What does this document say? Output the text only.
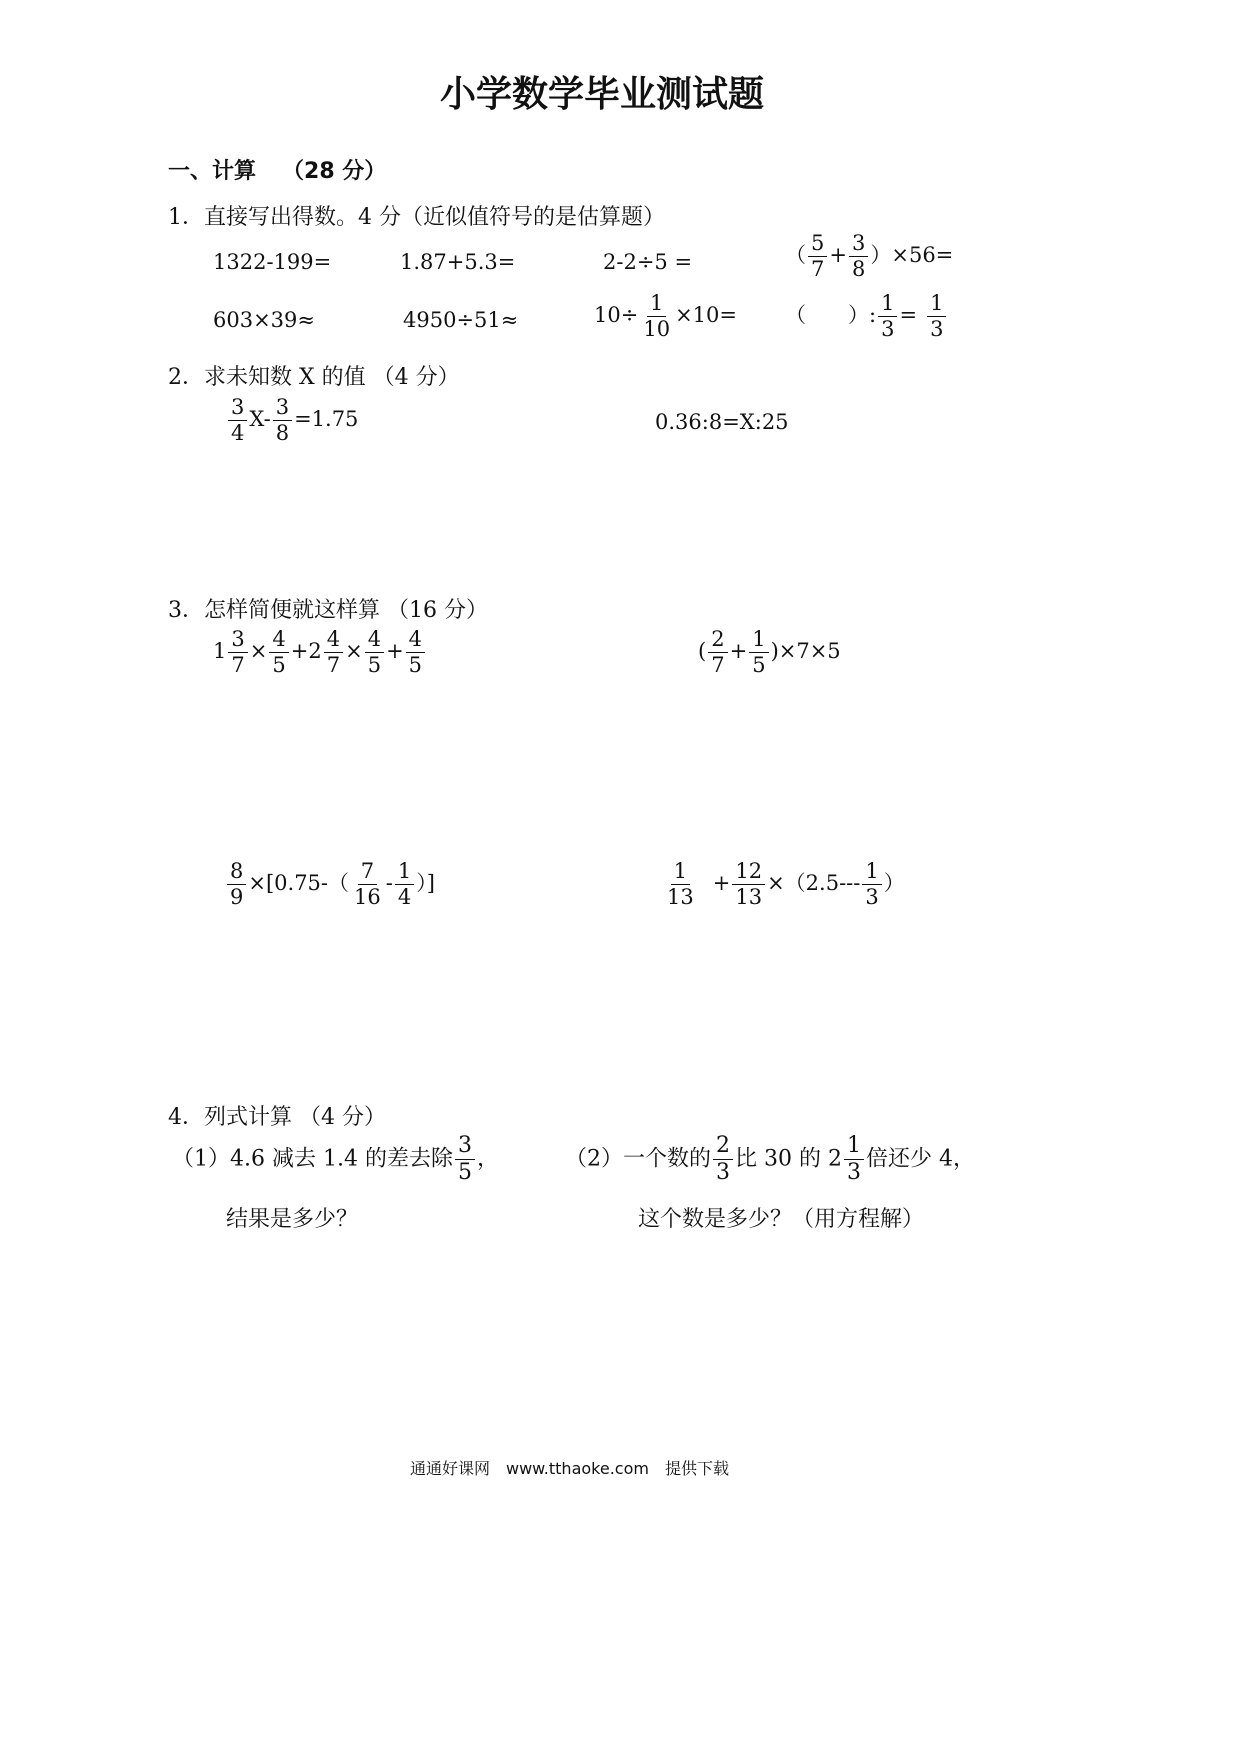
小学数学毕业测试题
一、计算 （28 分）
1．直接写出得数。4 分（近似值符号的是估算题）
1322-199=	1.87+5.3=	2-2÷5 =	（ $\frac{5}{7} + \frac{3}{8} )\times 56=$
603×39≈	4950÷51≈	$10\div \frac{1}{10} \times 10=$ （　　）: $\frac{1}{3} = \frac{1}{3}$
2．求未知数 X 的值 （4 分）
$\frac{3}{4} X- \frac{3}{8} =1.75$	0.36:8=X:25
3．怎样简便就这样算 （16 分）
$1 \frac{3}{7} \times \frac{4}{5} +2 \frac{4}{7} \times \frac{4}{5} + \frac{4}{5}$	( $\frac{2}{7} + \frac{1}{5} )\times 7\times 5$
$\frac{8}{9} \times[0.75-( \frac{7}{16} - \frac{1}{4}$ ）]	$\frac{1}{13} + \frac{12}{13} \times(2.5--- \frac{1}{3}$ ）
4．列式计算 （4 分）
（1）4.6 减去 1.4 的差去除 $\frac{3}{5}$ ，
结果是多少？
（2）一个数的 $\frac{2}{3}$ 比 30 的 $2 \frac{1}{3}$ 倍还少 4，
这个数是多少？（用方程解）
通通好课网　www.tthaoke.com　提供下载
